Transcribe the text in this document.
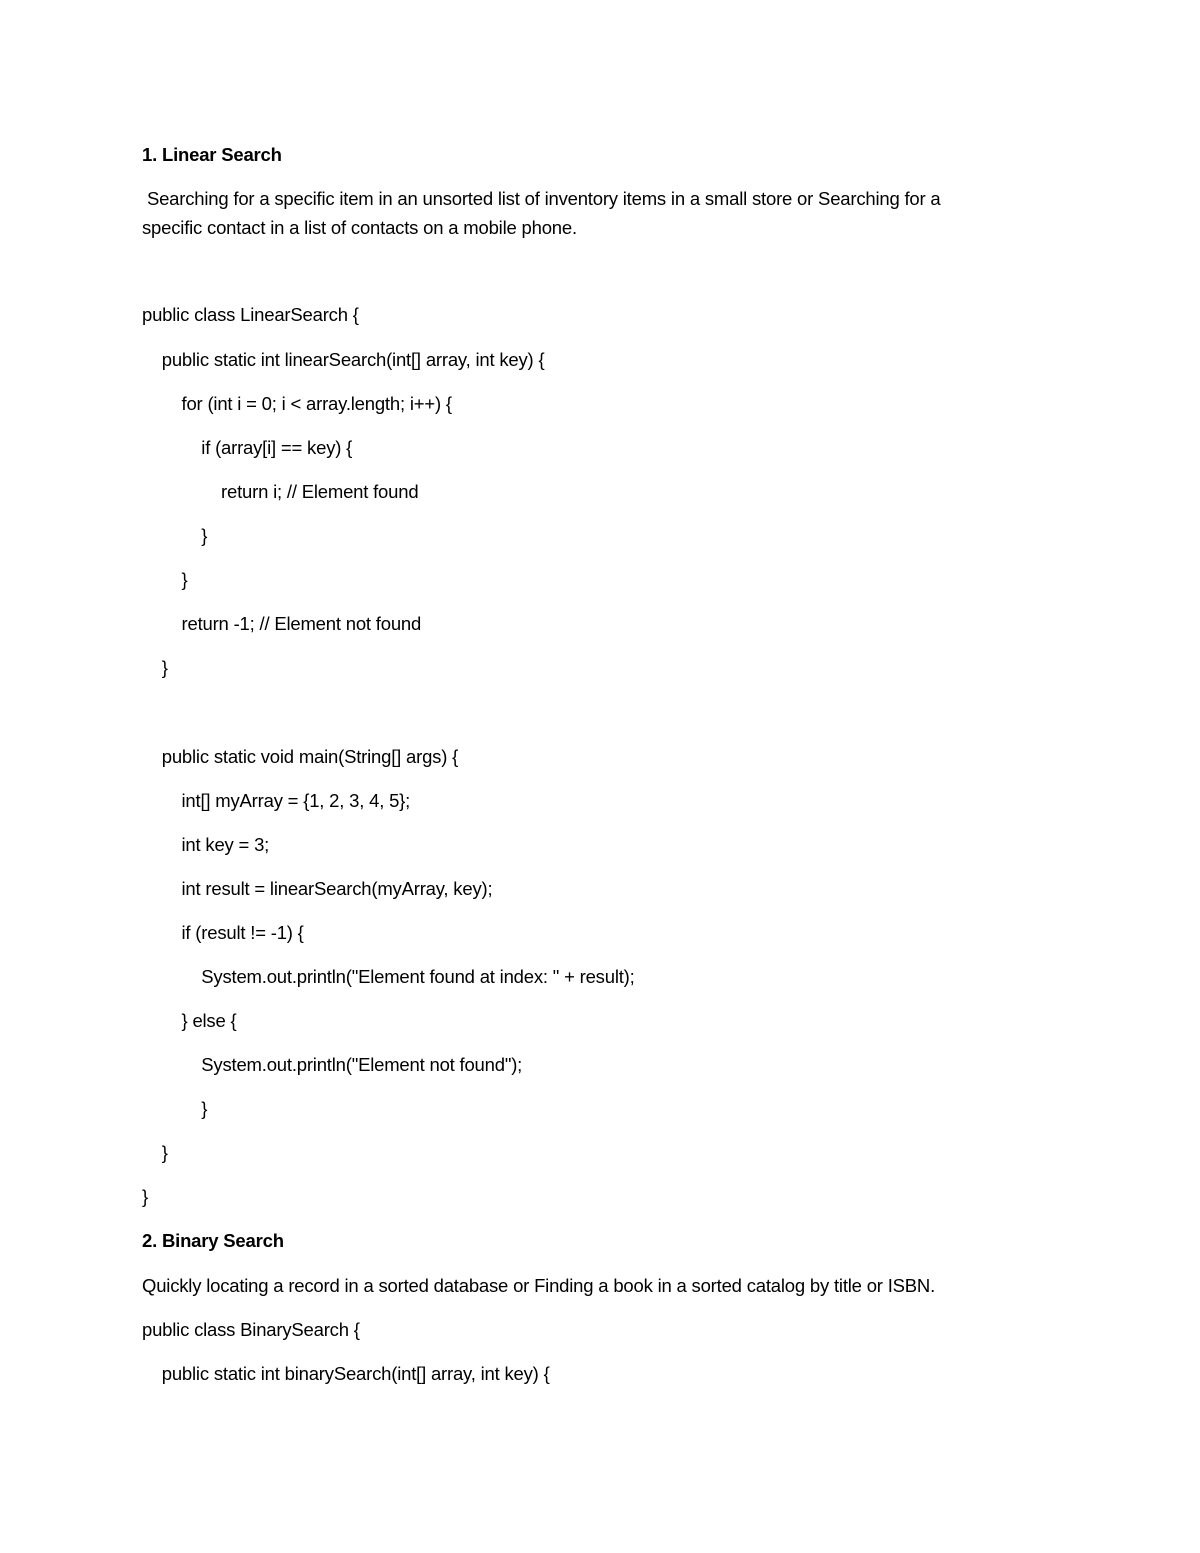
1. Linear Search
Searching for a specific item in an unsorted list of inventory items in a small store or Searching for a
specific contact in a list of contacts on a mobile phone.
public class LinearSearch {
public static int linearSearch(int[] array, int key) {
for (int i = 0; i < array.length; i++) {
if (array[i] == key) {
return i; // Element found
}
}
return -1; // Element not found
}
public static void main(String[] args) {
int[] myArray = {1, 2, 3, 4, 5};
int key = 3;
int result = linearSearch(myArray, key);
if (result != -1) {
System.out.println("Element found at index: " + result);
} else {
System.out.println("Element not found");
}
}
}
2. Binary Search
Quickly locating a record in a sorted database or Finding a book in a sorted catalog by title or ISBN.
public class BinarySearch {
public static int binarySearch(int[] array, int key) {
